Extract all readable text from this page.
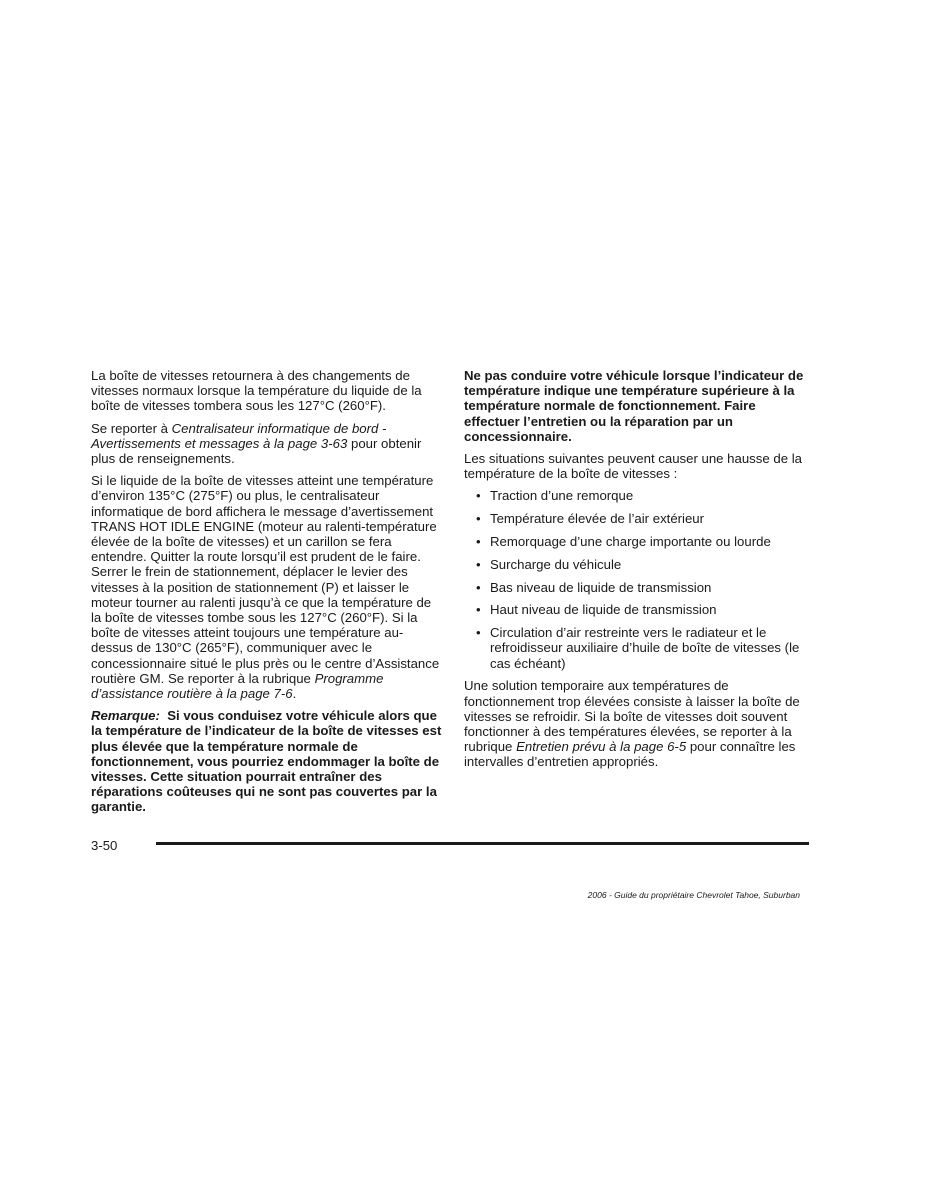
La boîte de vitesses retournera à des changements de vitesses normaux lorsque la température du liquide de la boîte de vitesses tombera sous les 127°C (260°F).

Se reporter à Centralisateur informatique de bord - Avertissements et messages à la page 3-63 pour obtenir plus de renseignements.

Si le liquide de la boîte de vitesses atteint une température d’environ 135°C (275°F) ou plus, le centralisateur informatique de bord affichera le message d’avertissement TRANS HOT IDLE ENGINE (moteur au ralenti-température élevée de la boîte de vitesses) et un carillon se fera entendre. Quitter la route lorsqu’il est prudent de le faire. Serrer le frein de stationnement, déplacer le levier des vitesses à la position de stationnement (P) et laisser le moteur tourner au ralenti jusqu’à ce que la température de la boîte de vitesses tombe sous les 127°C (260°F). Si la boîte de vitesses atteint toujours une température au-dessus de 130°C (265°F), communiquer avec le concessionnaire situé le plus près ou le centre d’Assistance routière GM. Se reporter à la rubrique Programme d’assistance routière à la page 7-6.

Remarque: Si vous conduisez votre véhicule alors que la température de l’indicateur de la boîte de vitesses est plus élevée que la température normale de fonctionnement, vous pourriez endommager la boîte de vitesses. Cette situation pourrait entraîner des réparations coûteuses qui ne sont pas couvertes par la garantie.

Ne pas conduire votre véhicule lorsque l’indicateur de température indique une température supérieure à la température normale de fonctionnement. Faire effectuer l’entretien ou la réparation par un concessionnaire.

Les situations suivantes peuvent causer une hausse de la température de la boîte de vitesses :

• Traction d’une remorque
• Température élevée de l’air extérieur
• Remorquage d’une charge importante ou lourde
• Surcharge du véhicule
• Bas niveau de liquide de transmission
• Haut niveau de liquide de transmission
• Circulation d’air restreinte vers le radiateur et le refroidisseur auxiliaire d’huile de boîte de vitesses (le cas échéant)

Une solution temporaire aux températures de fonctionnement trop élevées consiste à laisser la boîte de vitesses se refroidir. Si la boîte de vitesses doit souvent fonctionner à des températures élevées, se reporter à la rubrique Entretien prévu à la page 6-5 pour connaître les intervalles d’entretien appropriés.

3-50
2006 - Guide du propriétaire Chevrolet Tahoe, Suburban
